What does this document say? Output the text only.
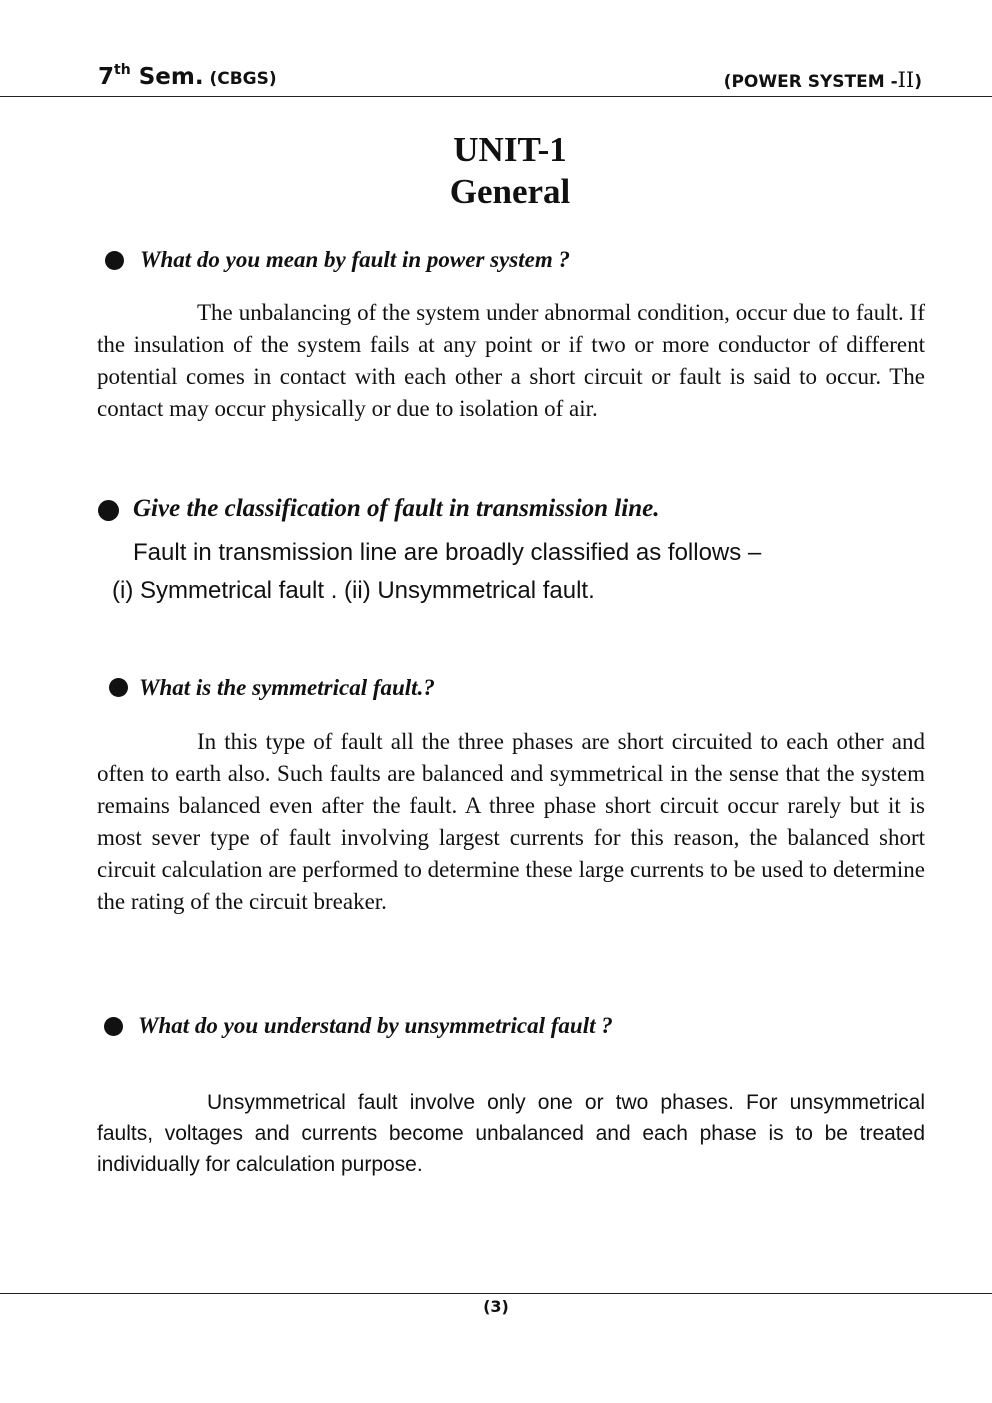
7th Sem. (CBGS)	(POWER SYSTEM -II)
UNIT-1
General
What do you mean by fault in power system ?

The unbalancing of the system under abnormal condition, occur due to fault. If the insulation of the system fails at any point or if two or more conductor of different potential comes in contact with each other a short circuit or fault is said to occur. The contact may occur physically or due to isolation of air.

Give the classification of fault in transmission line.
Fault in transmission line are broadly classified as follows –
(i) Symmetrical fault . (ii) Unsymmetrical fault.
What is the symmetrical fault.?

In this type of fault all the three phases are short circuited to each other and often to earth also. Such faults are balanced and symmetrical in the sense that the system remains balanced even after the fault. A three phase short circuit occur rarely but it is most sever type of fault involving largest currents for this reason, the balanced short circuit calculation are performed to determine these large currents to be used to determine the rating of the circuit breaker.

What do you understand by unsymmetrical fault ?

Unsymmetrical fault involve only one or two phases. For unsymmetrical faults, voltages and currents become unbalanced and each phase is to be treated individually for calculation purpose.

(3)
